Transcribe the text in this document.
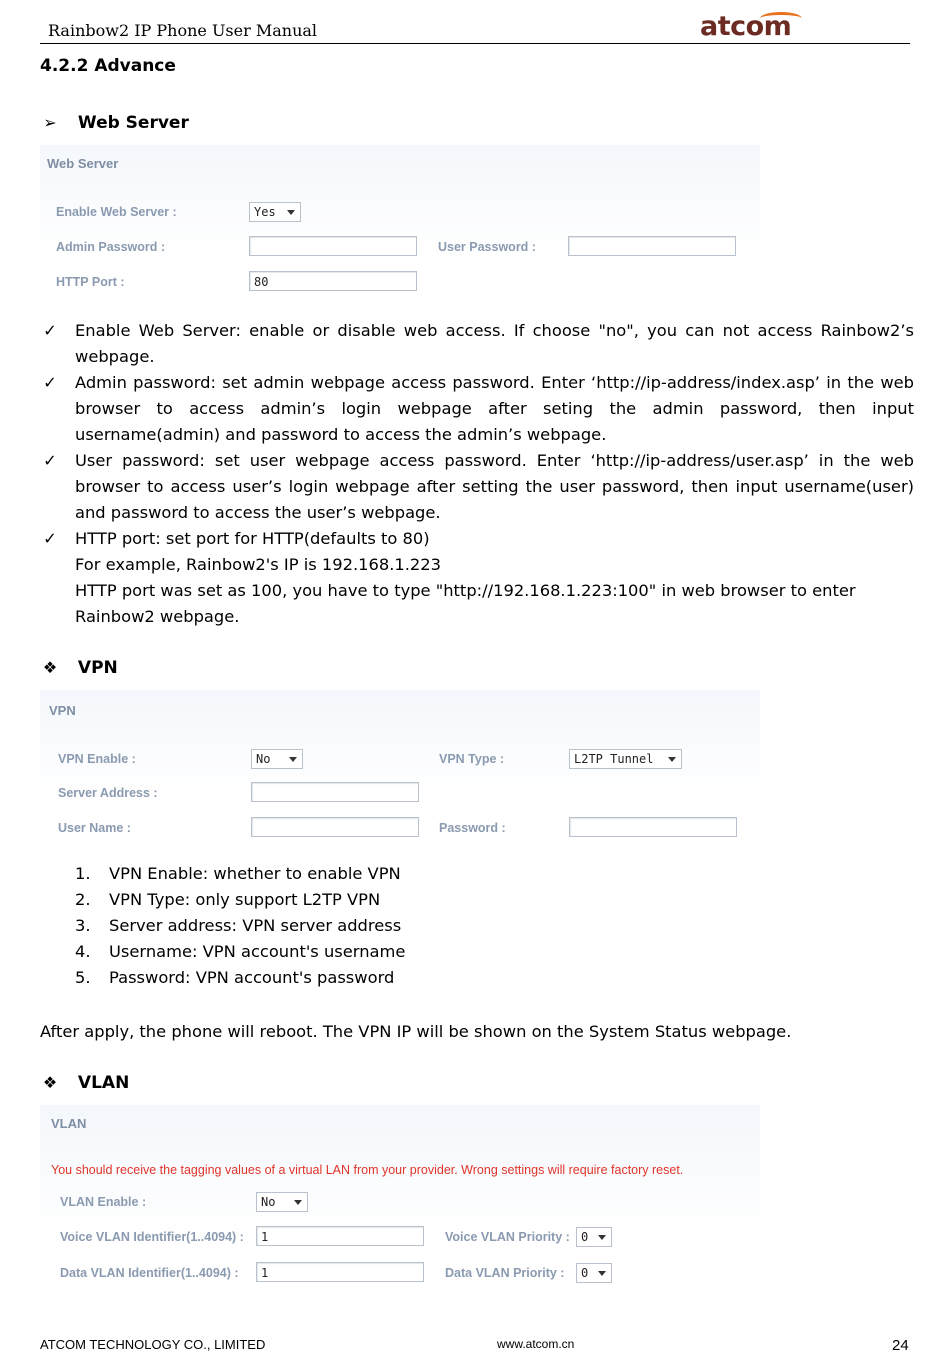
Rainbow2 IP Phone User Manual	atcom
4.2.2 Advance
➢ Web Server
Web Server
Enable Web Server :	Yes
Admin Password :	User Password :
HTTP Port :	80
✓ Enable Web Server: enable or disable web access. If choose "no", you can not access Rainbow2’s webpage.
✓ Admin password: set admin webpage access password. Enter ‘http://ip-address/index.asp’ in the web browser to access admin’s login webpage after seting the admin password, then input username(admin) and password to access the admin’s webpage.
✓ User password: set user webpage access password. Enter ‘http://ip-address/user.asp’ in the web browser to access user’s login webpage after setting the user password, then input username(user) and password to access the user’s webpage.
✓ HTTP port: set port for HTTP(defaults to 80)
For example, Rainbow2's IP is 192.168.1.223
HTTP port was set as 100, you have to type "http://192.168.1.223:100" in web browser to enter Rainbow2 webpage.
❖ VPN
VPN
VPN Enable :	No	VPN Type :	L2TP Tunnel
Server Address :
User Name :	Password :
1. VPN Enable: whether to enable VPN
2. VPN Type: only support L2TP VPN
3. Server address: VPN server address
4. Username: VPN account's username
5. Password: VPN account's password
After apply, the phone will reboot. The VPN IP will be shown on the System Status webpage.
❖ VLAN
VLAN
You should receive the tagging values of a virtual LAN from your provider. Wrong settings will require factory reset.
VLAN Enable :	No
Voice VLAN Identifier(1..4094) :	1	Voice VLAN Priority : 0
Data VLAN Identifier(1..4094) :	1	Data VLAN Priority :	0
ATCOM TECHNOLOGY CO., LIMITED	www.atcom.cn	24
